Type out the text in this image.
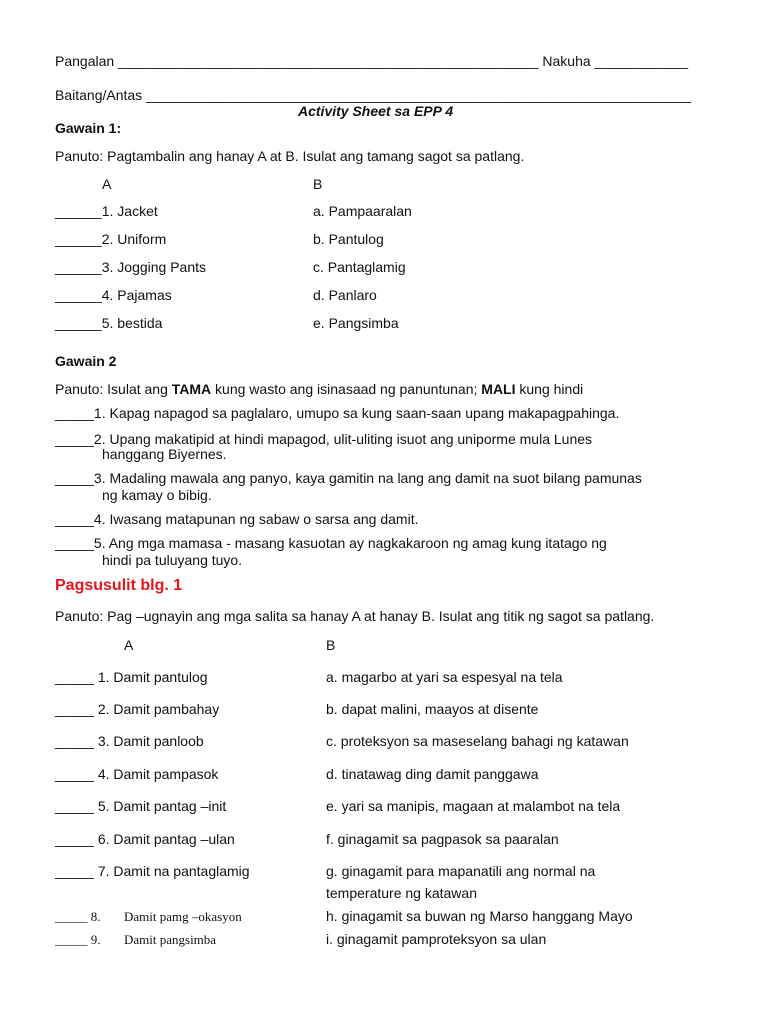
Pangalan ______________________________________________________ Nakuha ____________
Baitang/Antas ______________________________________________________________________
Activity Sheet sa EPP 4
Gawain 1:
Panuto: Pagtambalin ang hanay A at B. Isulat ang tamang sagot sa patlang.
A	B
______1. Jacket	a. Pampaaralan
______2. Uniform	b. Pantulog
______3. Jogging Pants	c. Pantaglamig
______4. Pajamas	d. Panlaro
______5. bestida	e. Pangsimba
Gawain 2
Panuto: Isulat ang TAMA kung wasto ang isinasaad ng panuntunan; MALI kung hindi
_____1. Kapag napagod sa paglalaro, umupo sa kung saan-saan upang makapagpahinga.
_____2. Upang makatipid at hindi mapagod, ulit-uliting isuot ang uniporme mula Lunes
hanggang Biyernes.
_____3. Madaling mawala ang panyo, kaya gamitin na lang ang damit na suot bilang pamunas
ng kamay o bibig.
_____4. Iwasang matapunan ng sabaw o sarsa ang damit.
_____5. Ang mga mamasa - masang kasuotan ay nagkakaroon ng amag kung itatago ng
hindi pa tuluyang tuyo.
Pagsusulit blg. 1
Panuto: Pag –ugnayin ang mga salita sa hanay A at hanay B. Isulat ang titik ng sagot sa patlang.
A	B
_____ 1. Damit pantulog	a. magarbo at yari sa espesyal na tela
_____ 2. Damit pambahay	b. dapat malini, maayos at disente
_____ 3. Damit panloob	c. proteksyon sa maseselang bahagi ng katawan
_____ 4. Damit pampasok	d. tinatawag ding damit panggawa
_____ 5. Damit pantag –init	e. yari sa manipis, magaan at malambot na tela
_____ 6. Damit pantag –ulan	f. ginagamit sa pagpasok sa paaralan
_____ 7. Damit na pantaglamig	g. ginagamit para mapanatili ang normal na
temperature ng katawan
_____ 8. Damit pamg –okasyon	h. ginagamit sa buwan ng Marso hanggang Mayo
_____ 9. Damit pangsimba	i. ginagamit pamproteksyon sa ulan
